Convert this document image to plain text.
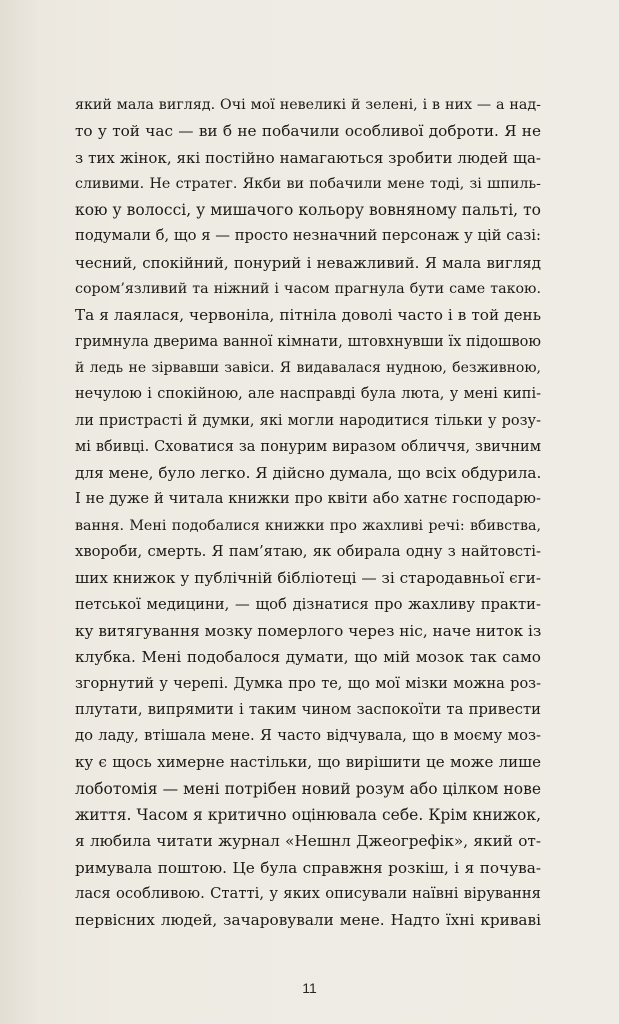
який мала вигляд. Очі мої невеликі й зелені, і в них — а над-
то у той час — ви б не побачили особливої доброти. Я не
з тих жінок, які постійно намагаються зробити людей ща-
сливими. Не стратег. Якби ви побачили мене тоді, зі шпиль-
кою у волоссі, у мишачого кольору вовняному пальті, то
подумали б, що я — просто незначний персонаж у цій сазі:
чесний, спокійний, понурий і неважливий. Я мала вигляд
сором’язливий та ніжний і часом прагнула бути саме такою.
Та я лаялася, червоніла, пітніла доволі часто і в той день
гримнула дверима ванної кімнати, штовхнувши їх підошвою
й ледь не зірвавши завіси. Я видавалася нудною, безживною,
нечулою і спокійною, але насправді була люта, у мені кипі-
ли пристрасті й думки, які могли народитися тільки у розу-
мі вбивці. Сховатися за понурим виразом обличчя, звичним
для мене, було легко. Я дійсно думала, що всіх обдурила.
І не дуже й читала книжки про квіти або хатнє господарю-
вання. Мені подобалися книжки про жахливі речі: вбивства,
хвороби, смерть. Я пам’ятаю, як обирала одну з найтовсті-
ших книжок у публічній бібліотеці — зі стародавньої єги-
петської медицини, — щоб дізнатися про жахливу практи-
ку витягування мозку померлого через ніс, наче ниток із
клубка. Мені подобалося думати, що мій мозок так само
згорнутий у черепі. Думка про те, що мої мізки можна роз-
плутати, випрямити і таким чином заспокоїти та привести
до ладу, втішала мене. Я часто відчувала, що в моєму моз-
ку є щось химерне настільки, що вирішити це може лише
лоботомія — мені потрібен новий розум або цілком нове
життя. Часом я критично оцінювала себе. Крім книжок,
я любила читати журнал «Нешнл Джеогрефік», який от-
римувала поштою. Це була справжня розкіш, і я почува-
лася особливою. Статті, у яких описували наївні вірування
первісних людей, зачаровували мене. Надто їхні криваві
11
